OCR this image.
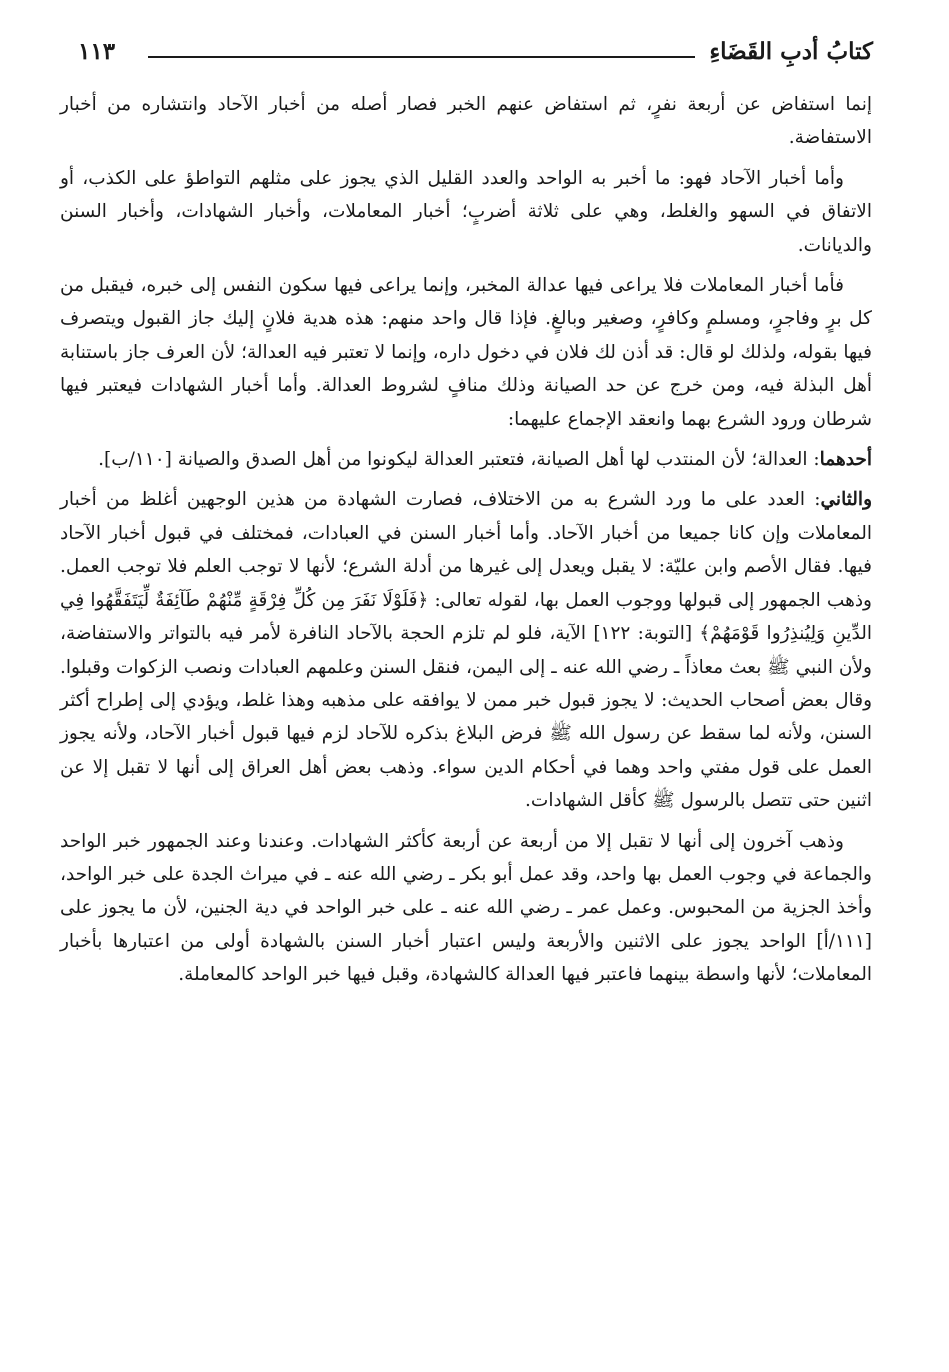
كتابُ أدبِ القَضَاءِ
١١٣

إنما استفاض عن أربعة نفرٍ، ثم استفاض عنهم الخبر فصار أصله من أخبار الآحاد وانتشاره من أخبار الاستفاضة.

وأما أخبار الآحاد فهو: ما أخبر به الواحد والعدد القليل الذي يجوز على مثلهم التواطؤ على الكذب، أو الاتفاق في السهو والغلط، وهي على ثلاثة أضربٍ؛ أخبار المعاملات، وأخبار الشهادات، وأخبار السنن والديانات.

فأما أخبار المعاملات فلا يراعى فيها عدالة المخبر، وإنما يراعى فيها سكون النفس إلى خبره، فيقبل من كل برٍ وفاجرٍ، ومسلمٍ وكافرٍ، وصغير وبالغٍ. فإذا قال واحد منهم: هذه هدية فلانٍ إليك جاز القبول ويتصرف فيها بقوله، ولذلك لو قال: قد أذن لك فلان في دخول داره، وإنما لا تعتبر فيه العدالة؛ لأن العرف جاز باستنابة أهل البذلة فيه، ومن خرج عن حد الصيانة وذلك منافٍ لشروط العدالة. وأما أخبار الشهادات فيعتبر فيها شرطان ورود الشرع بهما وانعقد الإجماع عليهما:

أحدهما: العدالة؛ لأن المنتدب لها أهل الصيانة، فتعتبر العدالة ليكونوا من أهل الصدق والصيانة [١١٠/ب].

والثاني: العدد على ما ورد الشرع به من الاختلاف، فصارت الشهادة من هذين الوجهين أغلظ من أخبار المعاملات وإن كانا جميعا من أخبار الآحاد. وأما أخبار السنن في العبادات، فمختلف في قبول أخبار الآحاد فيها. فقال الأصم وابن عليّة: لا يقبل ويعدل إلى غيرها من أدلة الشرع؛ لأنها لا توجب العلم فلا توجب العمل. وذهب الجمهور إلى قبولها ووجوب العمل بها، لقوله تعالى: ﴿فَلَوْلَا نَفَرَ مِن كُلِّ فِرْقَةٍ مِّنْهُمْ طَآئِفَةٌ لِّيَتَفَقَّهُوا فِي الدِّينِ وَلِيُنذِرُوا قَوْمَهُمْ﴾ [التوبة: ١٢٢] الآية، فلو لم تلزم الحجة بالآحاد النافرة لأمر فيه بالتواتر والاستفاضة، ولأن النبي ﷺ بعث معاذاً ـ رضي الله عنه ـ إلى اليمن، فنقل السنن وعلمهم العبادات ونصب الزكوات وقبلوا. وقال بعض أصحاب الحديث: لا يجوز قبول خبر ممن لا يوافقه على مذهبه وهذا غلط، ويؤدي إلى إطراح أكثر السنن، ولأنه لما سقط عن رسول الله ﷺ فرض البلاغ بذكره للآحاد لزم فيها قبول أخبار الآحاد، ولأنه يجوز العمل على قول مفتي واحد وهما في أحكام الدين سواء. وذهب بعض أهل العراق إلى أنها لا تقبل إلا عن اثنين حتى تتصل بالرسول ﷺ كأقل الشهادات.

وذهب آخرون إلى أنها لا تقبل إلا من أربعة عن أربعة كأكثر الشهادات. وعندنا وعند الجمهور خبر الواحد والجماعة في وجوب العمل بها واحد، وقد عمل أبو بكر ـ رضي الله عنه ـ في ميراث الجدة على خبر الواحد، وأخذ الجزية من المحبوس. وعمل عمر ـ رضي الله عنه ـ على خبر الواحد في دية الجنين، لأن ما يجوز على [١١١/أ] الواحد يجوز على الاثنين والأربعة وليس اعتبار أخبار السنن بالشهادة أولى من اعتبارها بأخبار المعاملات؛ لأنها واسطة بينهما فاعتبر فيها العدالة كالشهادة، وقبل فيها خبر الواحد كالمعاملة.
